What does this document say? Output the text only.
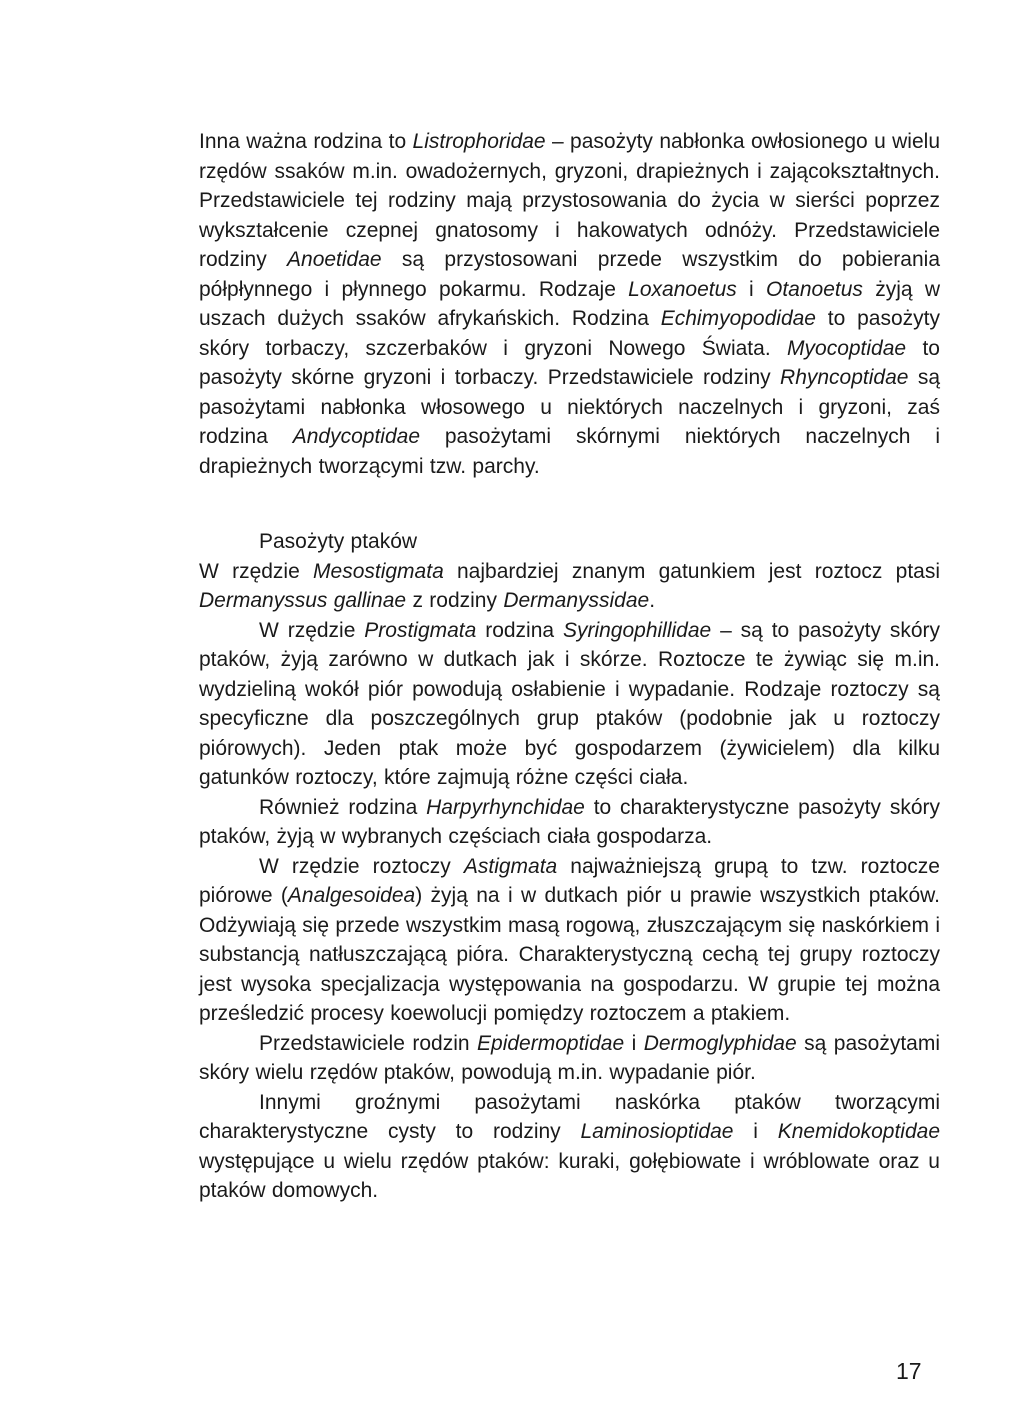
Inna ważna rodzina to Listrophoridae – pasożyty nabłonka owłosionego u wielu rzędów ssaków m.in. owadożernych, gryzoni, drapieżnych i zającokształtnych. Przedstawiciele tej rodziny mają przystosowania do życia w sierści poprzez wykształcenie czepnej gnatosomy i hakowatych odnóży. Przedstawiciele rodziny Anoetidae są przystosowani przede wszystkim do pobierania półpłynnego i płynnego pokarmu. Rodzaje Loxanoetus i Otanoetus żyją w uszach dużych ssaków afrykańskich. Rodzina Echimyopodidae to pasożyty skóry torbaczy, szczerbaków i gryzoni Nowego Świata. Myocoptidae to pasożyty skórne gryzoni i torbaczy. Przedstawiciele rodziny Rhyncoptidae są pasożytami nabłonka włosowego u niektórych naczelnych i gryzoni, zaś rodzina Andycoptidae pasożytami skórnymi niektórych naczelnych i drapieżnych tworzącymi tzw. parchy.

Pasożyty ptaków

W rzędzie Mesostigmata najbardziej znanym gatunkiem jest roztocz ptasi Dermanyssus gallinae z rodziny Dermanyssidae.

W rzędzie Prostigmata rodzina Syringophillidae – są to pasożyty skóry ptaków, żyją zarówno w dutkach jak i skórze. Roztocze te żywiąc się m.in. wydzieliną wokół piór powodują osłabienie i wypadanie. Rodzaje roztoczy są specyficzne dla poszczególnych grup ptaków (podobnie jak u roztoczy piórowych). Jeden ptak może być gospodarzem (żywicielem) dla kilku gatunków roztoczy, które zajmują różne części ciała.

Również rodzina Harpyrhynchidae to charakterystyczne pasożyty skóry ptaków, żyją w wybranych częściach ciała gospodarza.

W rzędzie roztoczy Astigmata najważniejszą grupą to tzw. roztocze piórowe (Analgesoidea) żyją na i w dutkach piór u prawie wszystkich ptaków. Odżywiają się przede wszystkim masą rogową, złuszczającym się naskórkiem i substancją natłuszczającą pióra. Charakterystyczną cechą tej grupy roztoczy jest wysoka specjalizacja występowania na gospodarzu. W grupie tej można prześledzić procesy koewolucji pomiędzy roztoczem a ptakiem.

Przedstawiciele rodzin Epidermoptidae i Dermoglyphidae są pasożytami skóry wielu rzędów ptaków, powodują m.in. wypadanie piór.

Innymi groźnymi pasożytami naskórka ptaków tworzącymi charakterystyczne cysty to rodziny Laminosioptidae i Knemidokoptidae występujące u wielu rzędów ptaków: kuraki, gołębiowate i wróblowate oraz u ptaków domowych.

17
